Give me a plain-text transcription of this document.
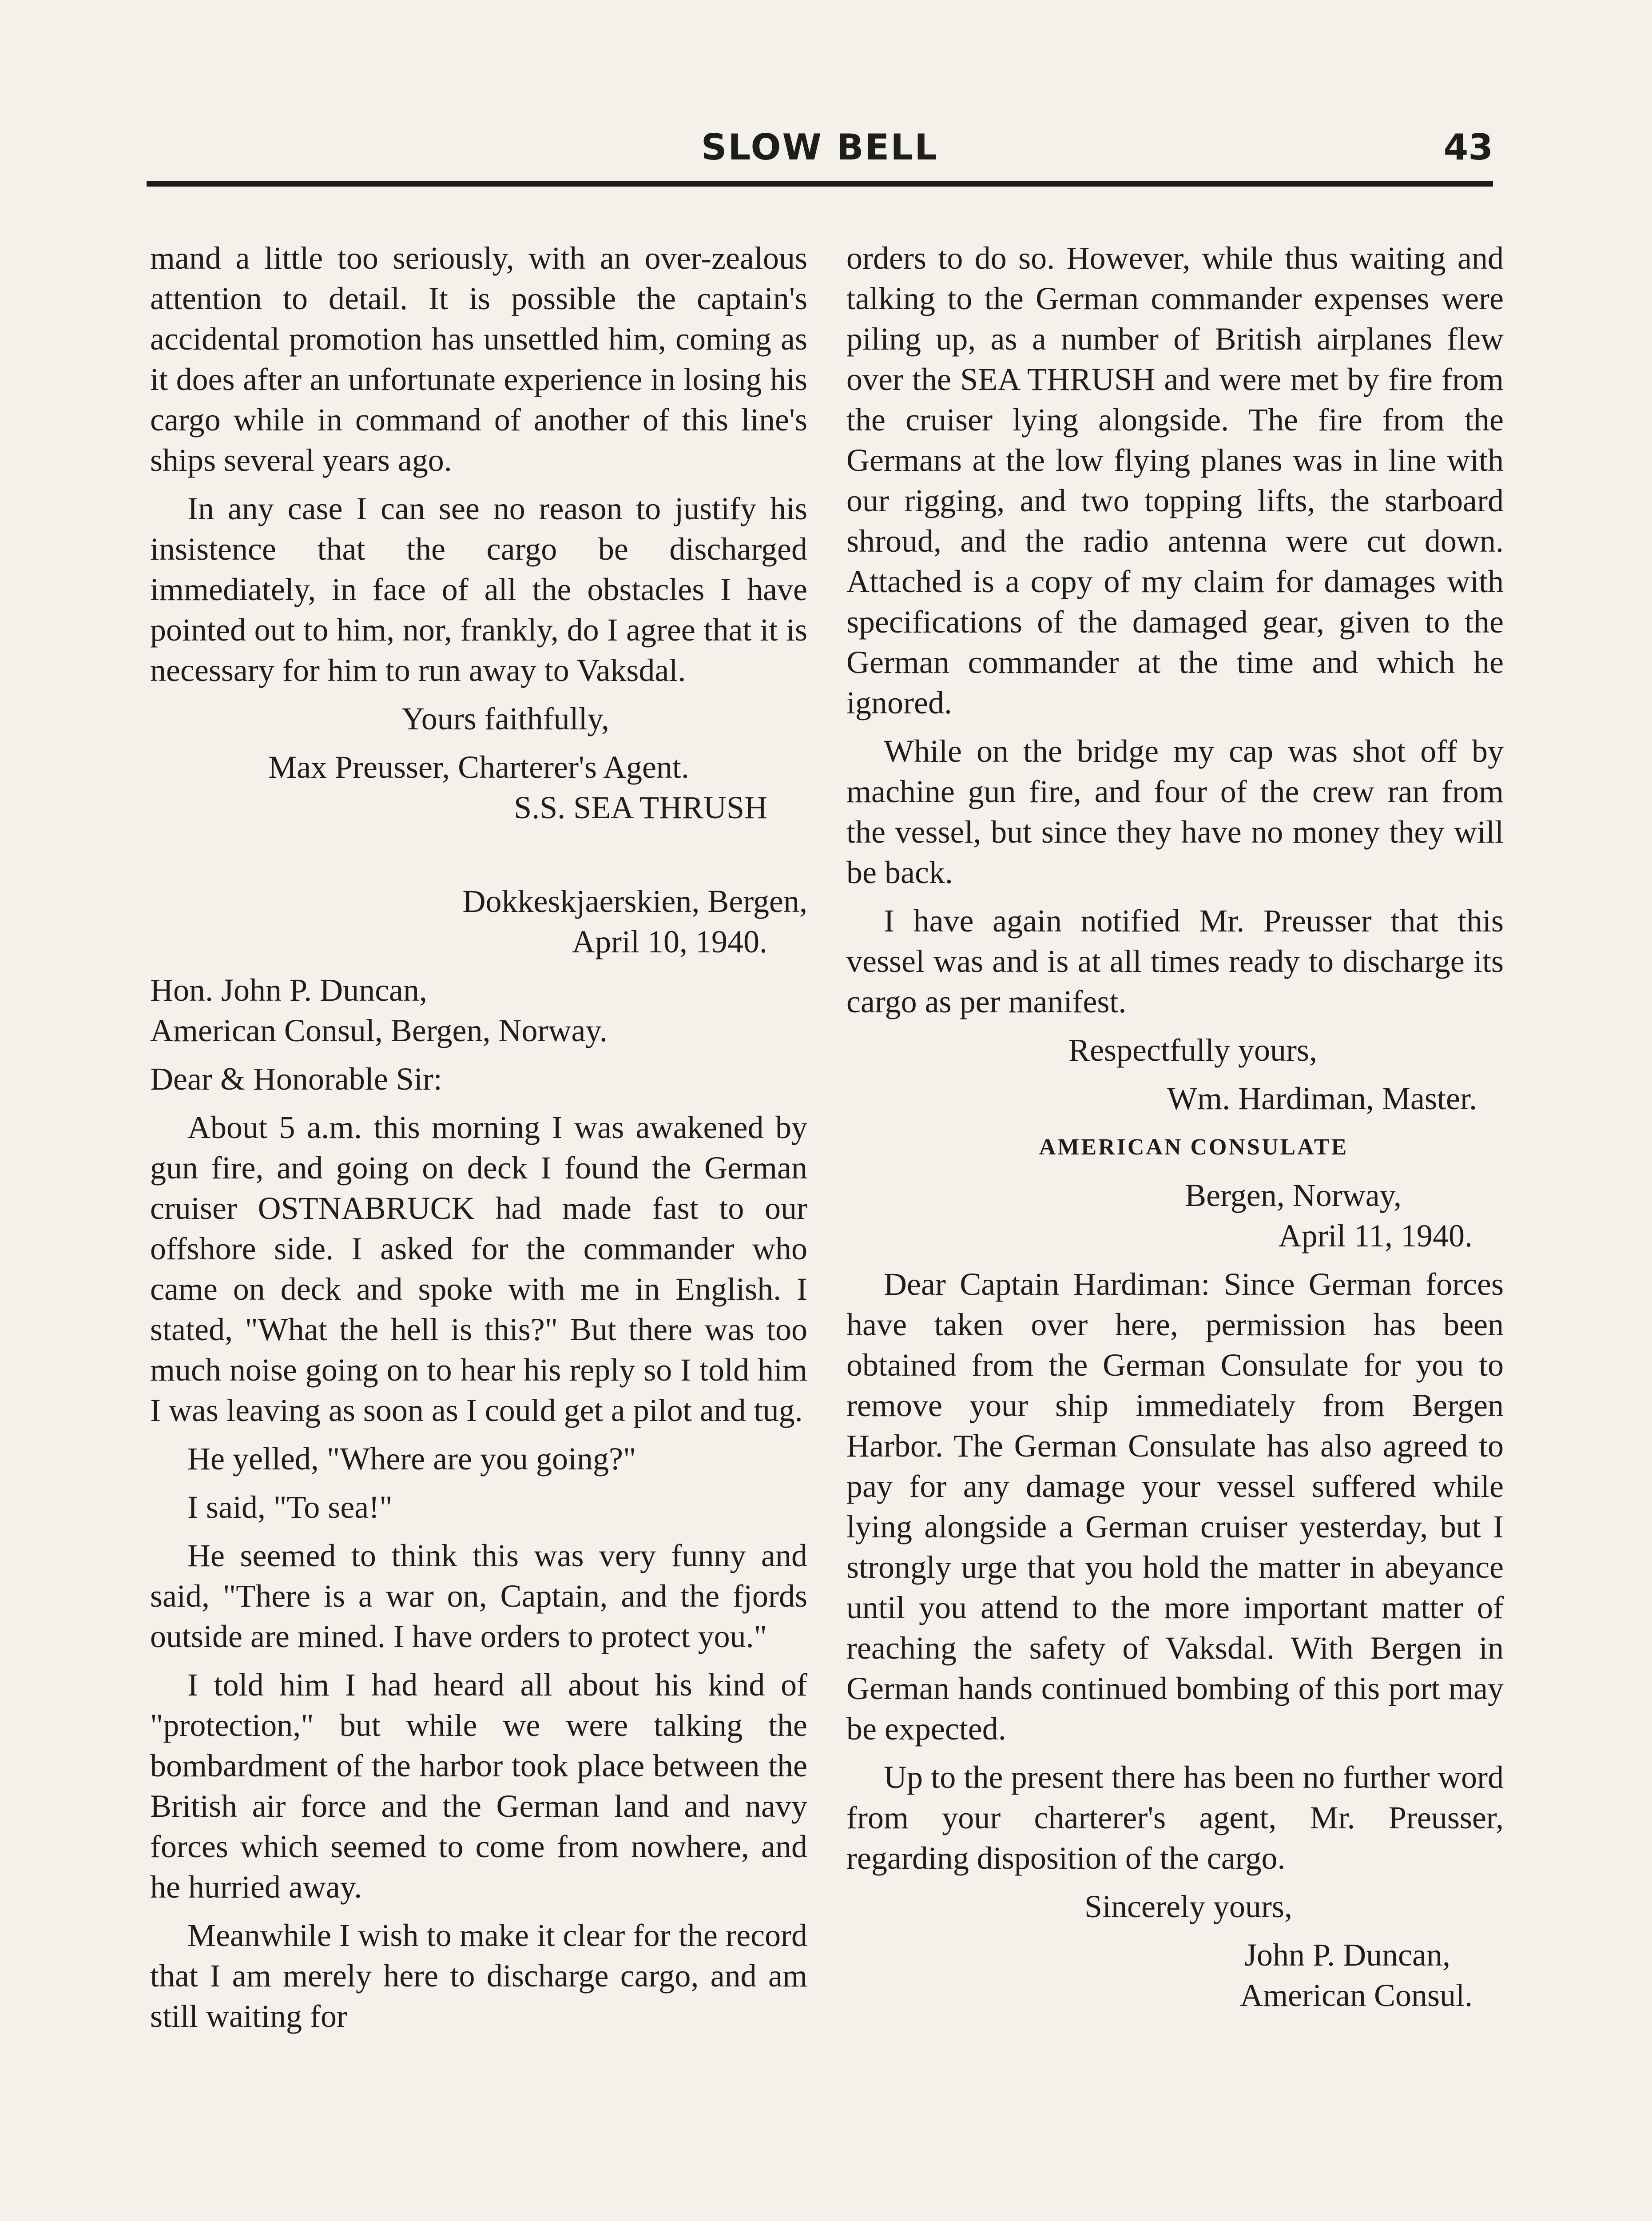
SLOW BELL	43

mand a little too seriously, with an over-zealous attention to detail. It is possible the captain's accidental promotion has unsettled him, coming as it does after an unfortunate experience in losing his cargo while in command of another of this line's ships several years ago.

In any case I can see no reason to justify his insistence that the cargo be discharged immediately, in face of all the obstacles I have pointed out to him, nor, frankly, do I agree that it is necessary for him to run away to Vaksdal.

Yours faithfully,

Max Preusser, Charterer's Agent.

S.S. SEA THRUSH

Dokkeskjaerskien, Bergen,

April 10, 1940.

Hon. John P. Duncan,

American Consul, Bergen, Norway.

Dear & Honorable Sir:

About 5 a.m. this morning I was awakened by gun fire, and going on deck I found the German cruiser OSTNABRUCK had made fast to our offshore side. I asked for the commander who came on deck and spoke with me in English. I stated, "What the hell is this?" But there was too much noise going on to hear his reply so I told him I was leaving as soon as I could get a pilot and tug.

He yelled, "Where are you going?"

I said, "To sea!"

He seemed to think this was very funny and said, "There is a war on, Captain, and the fjords outside are mined. I have orders to protect you."

I told him I had heard all about his kind of "protection," but while we were talking the bombardment of the harbor took place between the British air force and the German land and navy forces which seemed to come from nowhere, and he hurried away.

Meanwhile I wish to make it clear for the record that I am merely here to discharge cargo, and am still waiting for

orders to do so. However, while thus waiting and talking to the German commander expenses were piling up, as a number of British airplanes flew over the SEA THRUSH and were met by fire from the cruiser lying alongside. The fire from the Germans at the low flying planes was in line with our rigging, and two topping lifts, the starboard shroud, and the radio antenna were cut down. Attached is a copy of my claim for damages with specifications of the damaged gear, given to the German commander at the time and which he ignored.

While on the bridge my cap was shot off by machine gun fire, and four of the crew ran from the vessel, but since they have no money they will be back.

I have again notified Mr. Preusser that this vessel was and is at all times ready to discharge its cargo as per manifest.

Respectfully yours,

Wm. Hardiman, Master.

AMERICAN CONSULATE

Bergen, Norway,

April 11, 1940.

Dear Captain Hardiman: Since German forces have taken over here, permission has been obtained from the German Consulate for you to remove your ship immediately from Bergen Harbor. The German Consulate has also agreed to pay for any damage your vessel suffered while lying alongside a German cruiser yesterday, but I strongly urge that you hold the matter in abeyance until you attend to the more important matter of reaching the safety of Vaksdal. With Bergen in German hands continued bombing of this port may be expected.

Up to the present there has been no further word from your charterer's agent, Mr. Preusser, regarding disposition of the cargo.

Sincerely yours,

John P. Duncan,

American Consul.
